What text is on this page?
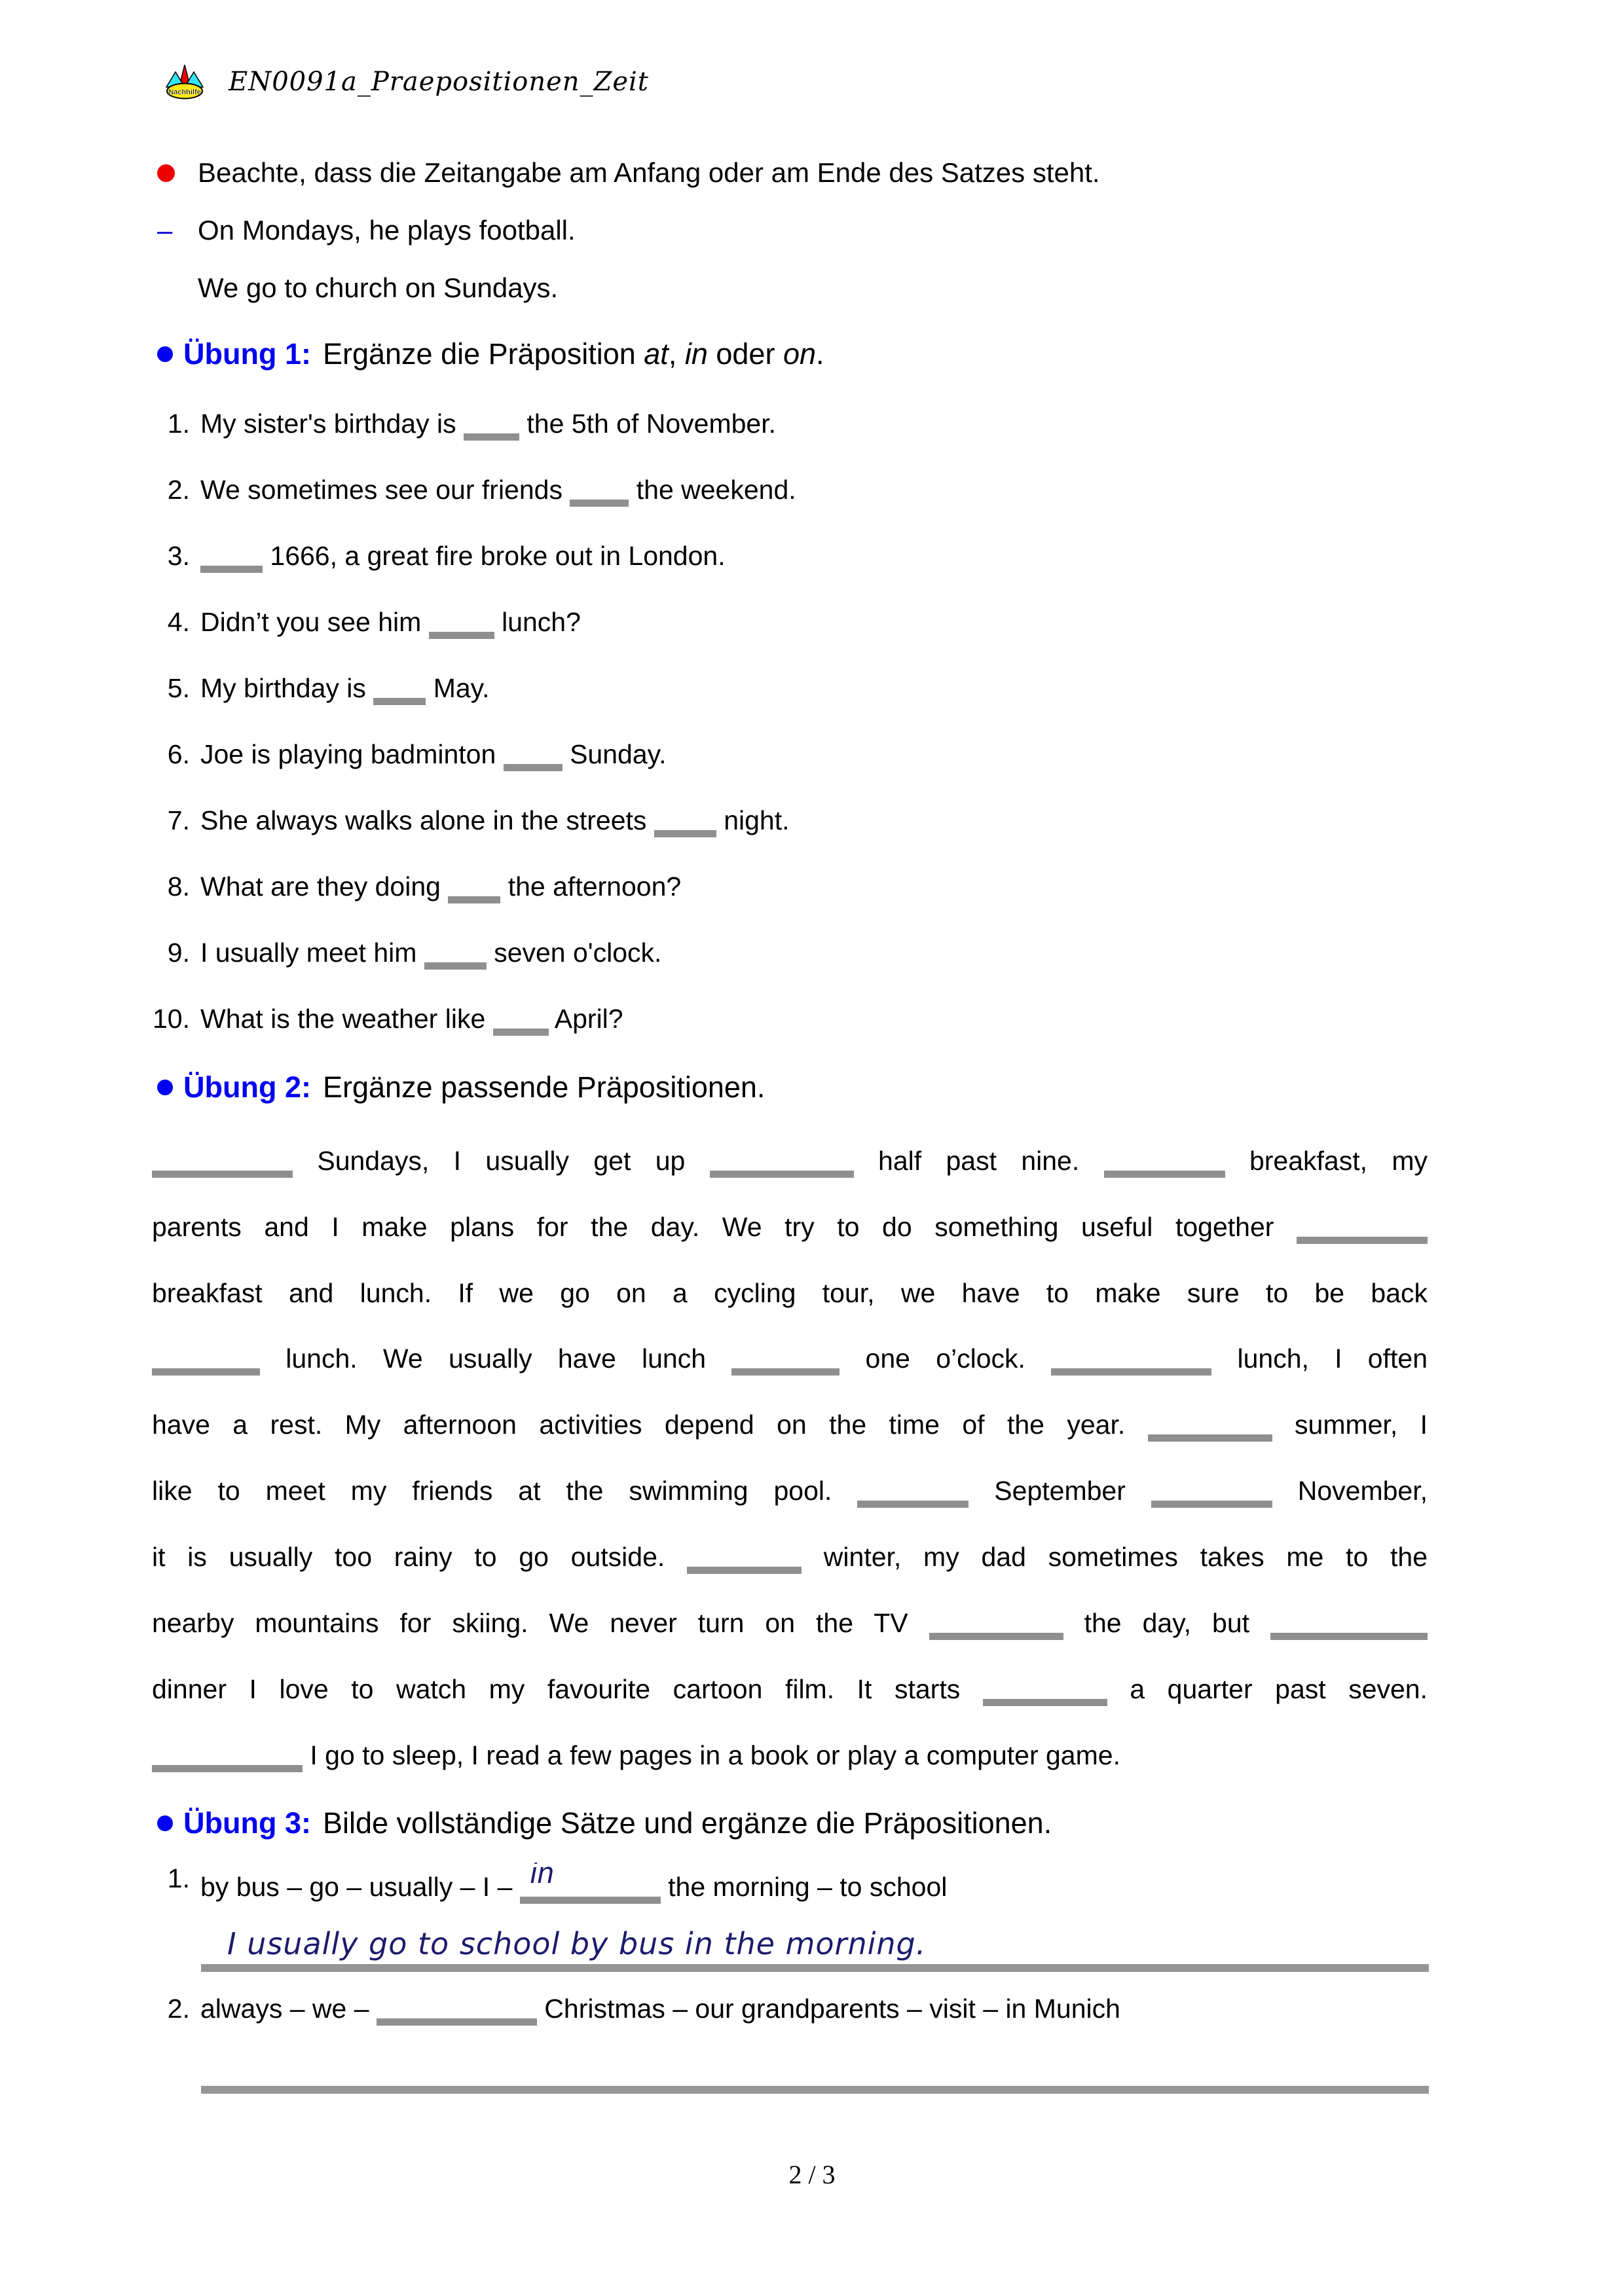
Nachhilfe EN0091a_Praepositionen_Zeit
Beachte, dass die Zeitangabe am Anfang oder am Ende des Satzes steht.
– On Mondays, he plays football.
We go to church on Sundays.
Übung 1: Ergänze die Präposition at, in oder on.
1. My sister's birthday is  the 5th of November.
2. We sometimes see our friends  the weekend.
3.	1666, a great fire broke out in London.
4. Didn’t you see him  lunch?
5. My birthday is  May.
6. Joe is playing badminton  Sunday.
7. She always walks alone in the streets  night.
8. What are they doing  the afternoon?
9. I usually meet him  seven o'clock.
10. What is the weather like  April?
Übung 2: Ergänze passende Präpositionen.
Sundays, I usually get up	half past nine.	breakfast, my
parents and I make plans for the day. We try to do something useful together
breakfast and lunch. If we go on a cycling tour, we have to make sure to be back
lunch. We usually have lunch	one o’clock.	lunch, I often
have a rest. My afternoon activities depend on the time of the year.	summer, I
like to meet my friends at the swimming pool.	September	November,
it is usually too rainy to go outside.	winter, my dad sometimes takes me to the
nearby mountains for skiing. We never turn on the TV	the day, but
dinner I love to watch my favourite cartoon film. It starts	a quarter past seven.
I go to sleep, I read a few pages in a book or play a computer game.
Übung 3: Bilde vollständige Sätze und ergänze die Präpositionen.
1. by bus – go – usually – I – in	the morning – to school
I usually go to school by bus in the morning.
2. always – we –	Christmas – our grandparents – visit – in Munich
2 / 3
